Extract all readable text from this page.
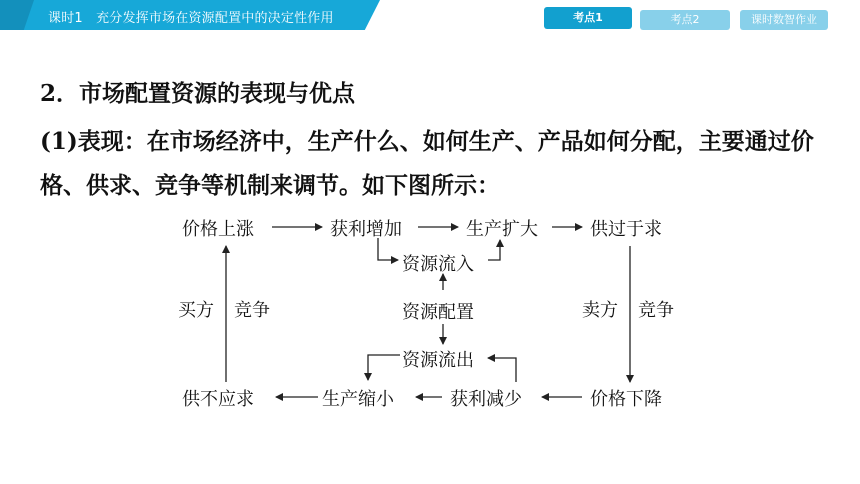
课时1　充分发挥市场在资源配置中的决定性作用	考点1	考点2	课时数智作业
2．市场配置资源的表现与优点
(1)表现：在市场经济中，生产什么、如何生产、产品如何分配，主要通过价格、供求、竞争等机制来调节。如下图所示：
价格上涨	获利增加	生产扩大	供过于求
资源流入
资源配置
资源流出
买方 竞争	卖方 竞争
供不应求	生产缩小	获利减少	价格下降
